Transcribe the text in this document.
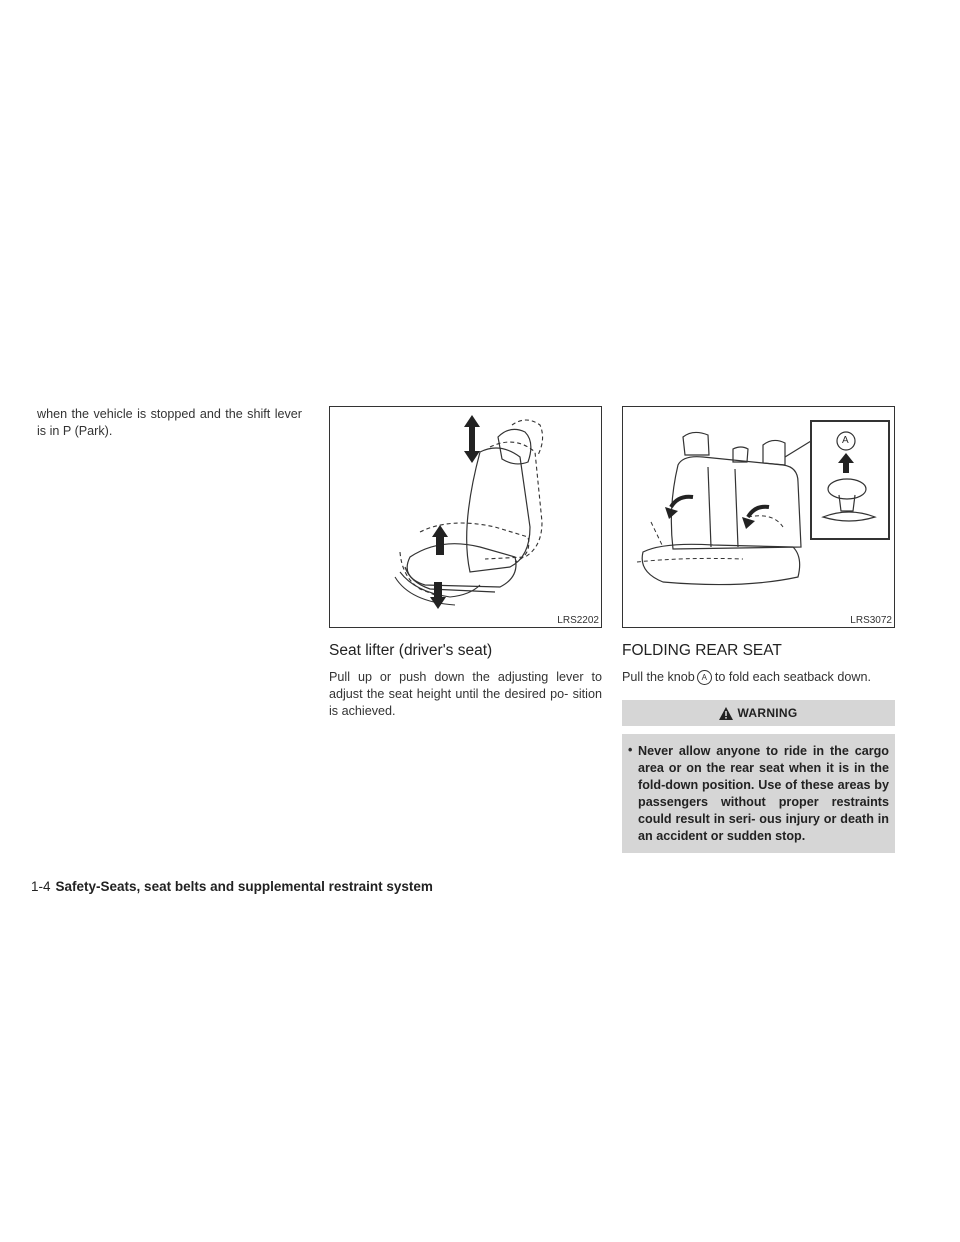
when the vehicle is stopped and the shift lever is in P (Park).

LRS2202
Seat lifter (driver's seat)

Pull up or push down the adjusting lever to adjust the seat height until the desired po- sition is achieved.

A
LRS3072
FOLDING REAR SEAT

Pull the knob A to fold each seatback down.

WARNING
• Never allow anyone to ride in the cargo area or on the rear seat when it is in the fold-down position. Use of these areas by passengers without proper restraints could result in seri- ous injury or death in an accident or sudden stop.

1-4 Safety-Seats, seat belts and supplemental restraint system
